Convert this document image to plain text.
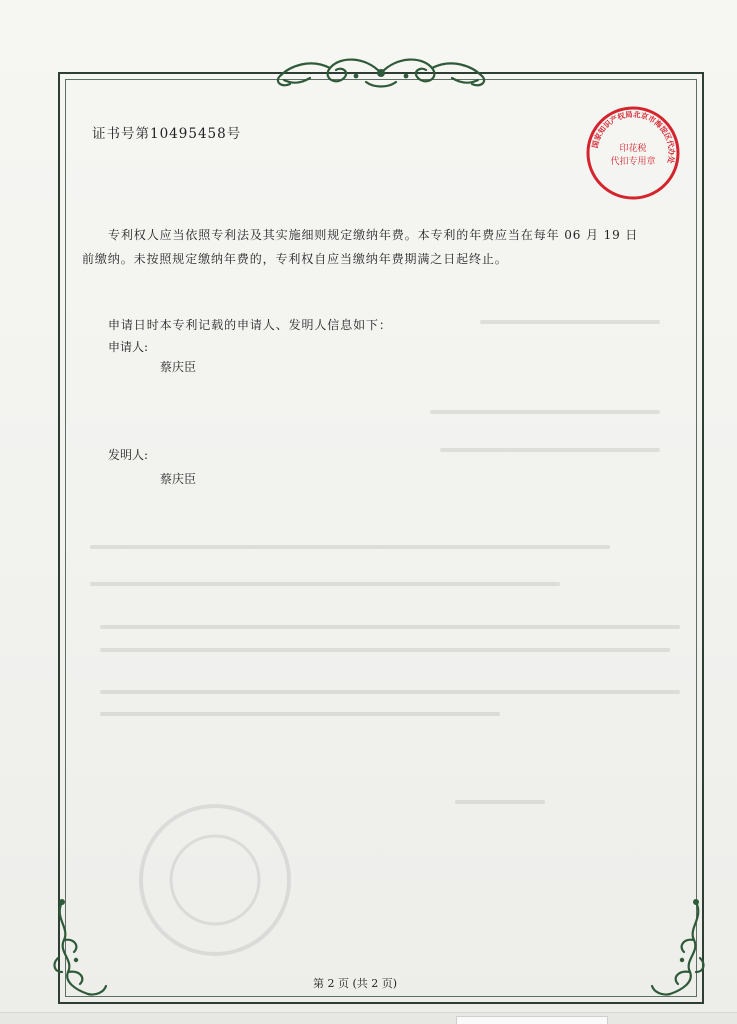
国家知识产权局北京市海淀区代办处
印花税
代扣专用章
证书号第10495458号
专利权人应当依照专利法及其实施细则规定缴纳年费。本专利的年费应当在每年 06 月 19 日
前缴纳。未按照规定缴纳年费的，专利权自应当缴纳年费期满之日起终止。
申请日时本专利记载的申请人、发明人信息如下：
申请人:
蔡庆臣
发明人:
蔡庆臣
第 2 页 (共 2 页)
